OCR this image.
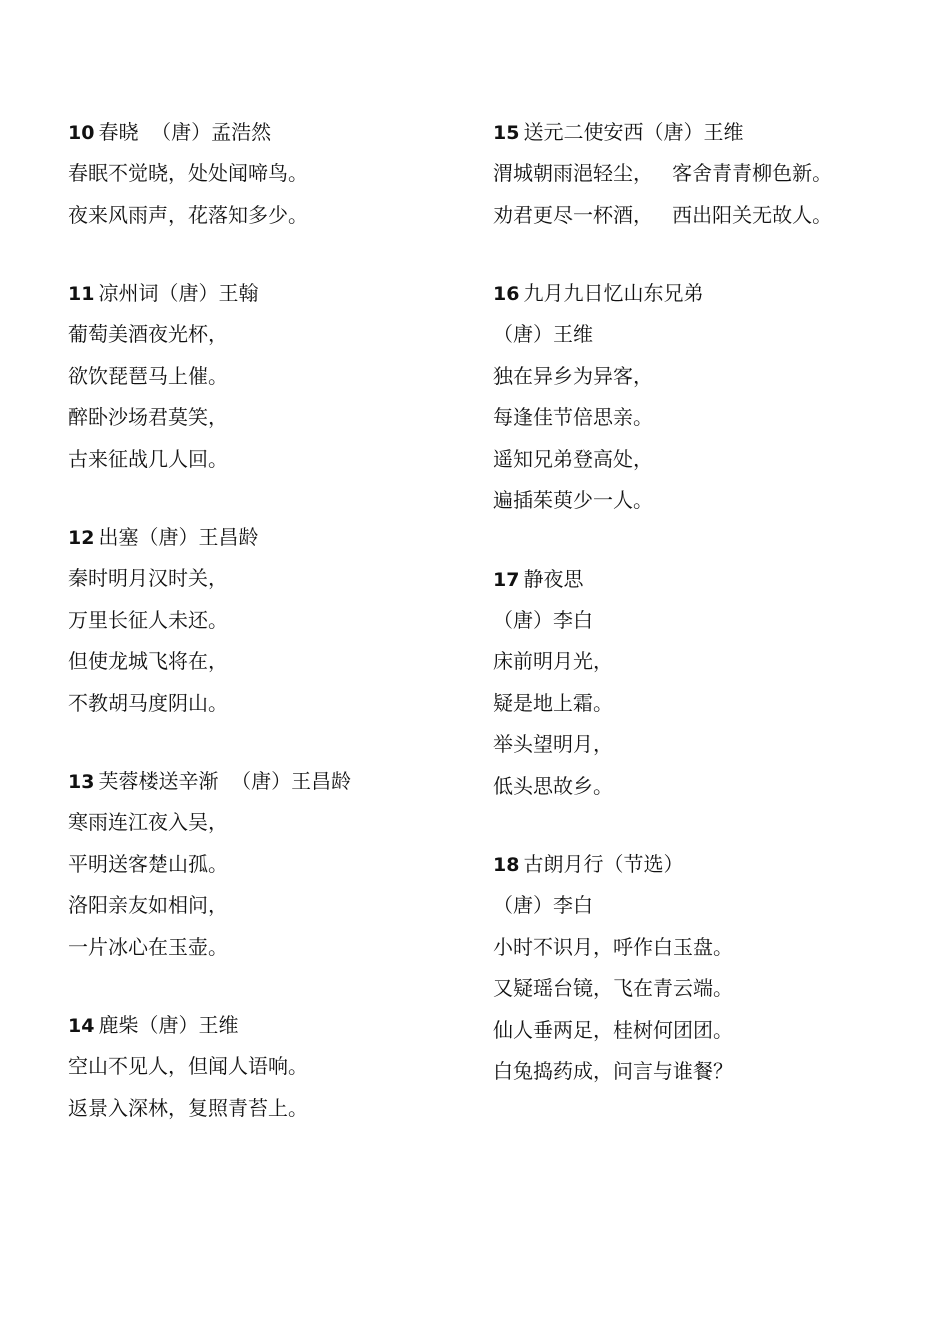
10 春晓  （唐）孟浩然
春眠不觉晓，处处闻啼鸟。
夜来风雨声，花落知多少。
11 凉州词（唐）王翰
葡萄美酒夜光杯，
欲饮琵琶马上催。
醉卧沙场君莫笑，
古来征战几人回。
12 出塞（唐）王昌龄
秦时明月汉时关，
万里长征人未还。
但使龙城飞将在，
不教胡马度阴山。
13 芙蓉楼送辛渐  （唐）王昌龄
寒雨连江夜入吴，
平明送客楚山孤。
洛阳亲友如相问，
一片冰心在玉壶。
14 鹿柴（唐）王维
空山不见人，但闻人语响。
返景入深林，复照青苔上。
15 送元二使安西（唐）王维
渭城朝雨浥轻尘，   客舍青青柳色新。
劝君更尽一杯酒，   西出阳关无故人。
16 九月九日忆山东兄弟
（唐）王维
独在异乡为异客，
每逢佳节倍思亲。
遥知兄弟登高处，
遍插茱萸少一人。
17 静夜思
（唐）李白
床前明月光，
疑是地上霜。
举头望明月，
低头思故乡。
18 古朗月行（节选）
（唐）李白
小时不识月，呼作白玉盘。
又疑瑶台镜，飞在青云端。
仙人垂两足，桂树何团团。
白兔捣药成，问言与谁餐？
